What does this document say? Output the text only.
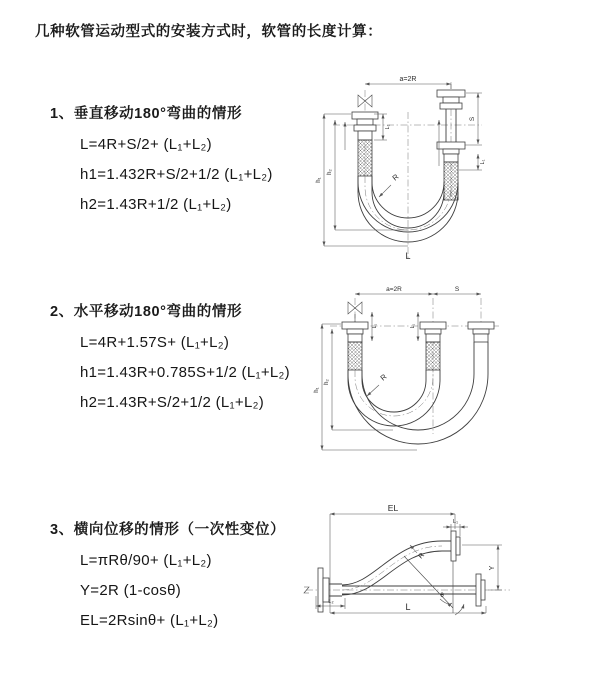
几种软管运动型式的安装方式时，软管的长度计算：
1、垂直移动180°弯曲的情形
L=4R+S/2+ (L₁+L₂)
h1=1.432R+S/2+1/2 (L₁+L₂)
h2=1.43R+1/2 (L₁+L₂)
2、水平移动180°弯曲的情形
L=4R+1.57S+ (L₁+L₂)
h1=1.43R+0.785S+1/2 (L₁+L₂)
h2=1.43R+S/2+1/2 (L₁+L₂)
3、横向位移的情形（一次性变位）
L=πRθ/90+ (L₁+L₂)
Y=2R (1-cosθ)
EL=2Rsinθ+ (L₁+L₂)
a=2R
S
L₁
L₁
h₁
h₂
R
L
a=2R	S
L₁	L₁
h₁
h₂	R
θ
R
EL
L₁
Y
L
L₂
